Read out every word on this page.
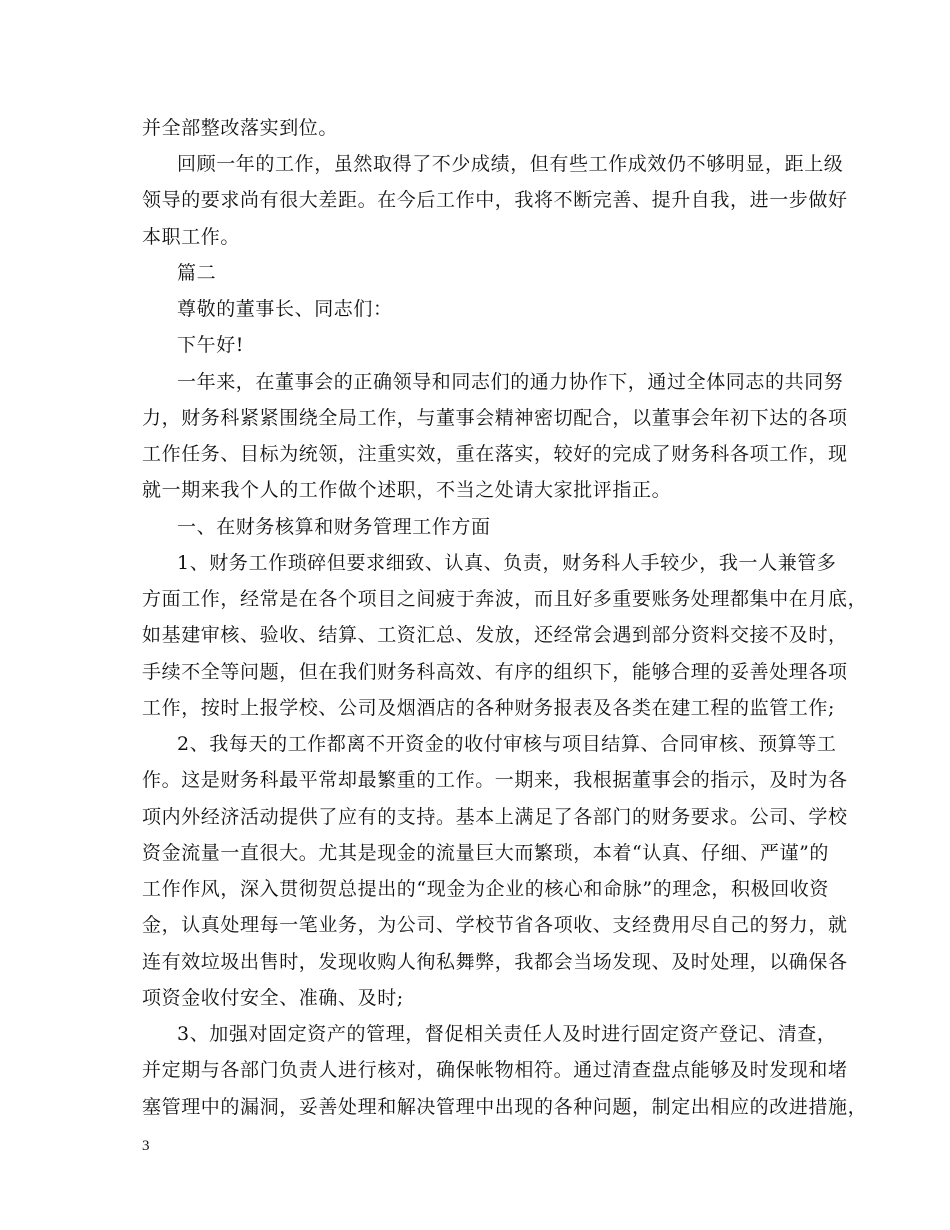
并全部整改落实到位。
回顾一年的工作，虽然取得了不少成绩，但有些工作成效仍不够明显，距上级
领导的要求尚有很大差距。在今后工作中，我将不断完善、提升自我，进一步做好
本职工作。
篇二
尊敬的董事长、同志们：
下午好!
一年来，在董事会的正确领导和同志们的通力协作下，通过全体同志的共同努
力，财务科紧紧围绕全局工作，与董事会精神密切配合，以董事会年初下达的各项
工作任务、目标为统领，注重实效，重在落实，较好的完成了财务科各项工作，现
就一期来我个人的工作做个述职，不当之处请大家批评指正。
一、在财务核算和财务管理工作方面
1、财务工作琐碎但要求细致、认真、负责，财务科人手较少，我一人兼管多
方面工作，经常是在各个项目之间疲于奔波，而且好多重要账务处理都集中在月底，
如基建审核、验收、结算、工资汇总、发放，还经常会遇到部分资料交接不及时，
手续不全等问题，但在我们财务科高效、有序的组织下，能够合理的妥善处理各项
工作，按时上报学校、公司及烟酒店的各种财务报表及各类在建工程的监管工作;
2、我每天的工作都离不开资金的收付审核与项目结算、合同审核、预算等工
作。这是财务科最平常却最繁重的工作。一期来，我根据董事会的指示，及时为各
项内外经济活动提供了应有的支持。基本上满足了各部门的财务要求。公司、学校
资金流量一直很大。尤其是现金的流量巨大而繁琐，本着“认真、仔细、严谨”的
工作作风，深入贯彻贺总提出的“现金为企业的核心和命脉”的理念，积极回收资
金，认真处理每一笔业务，为公司、学校节省各项收、支经费用尽自己的努力，就
连有效垃圾出售时，发现收购人徇私舞弊，我都会当场发现、及时处理，以确保各
项资金收付安全、准确、及时;
3、加强对固定资产的管理，督促相关责任人及时进行固定资产登记、清查，
并定期与各部门负责人进行核对，确保帐物相符。通过清查盘点能够及时发现和堵
塞管理中的漏洞，妥善处理和解决管理中出现的各种问题，制定出相应的改进措施，
3
